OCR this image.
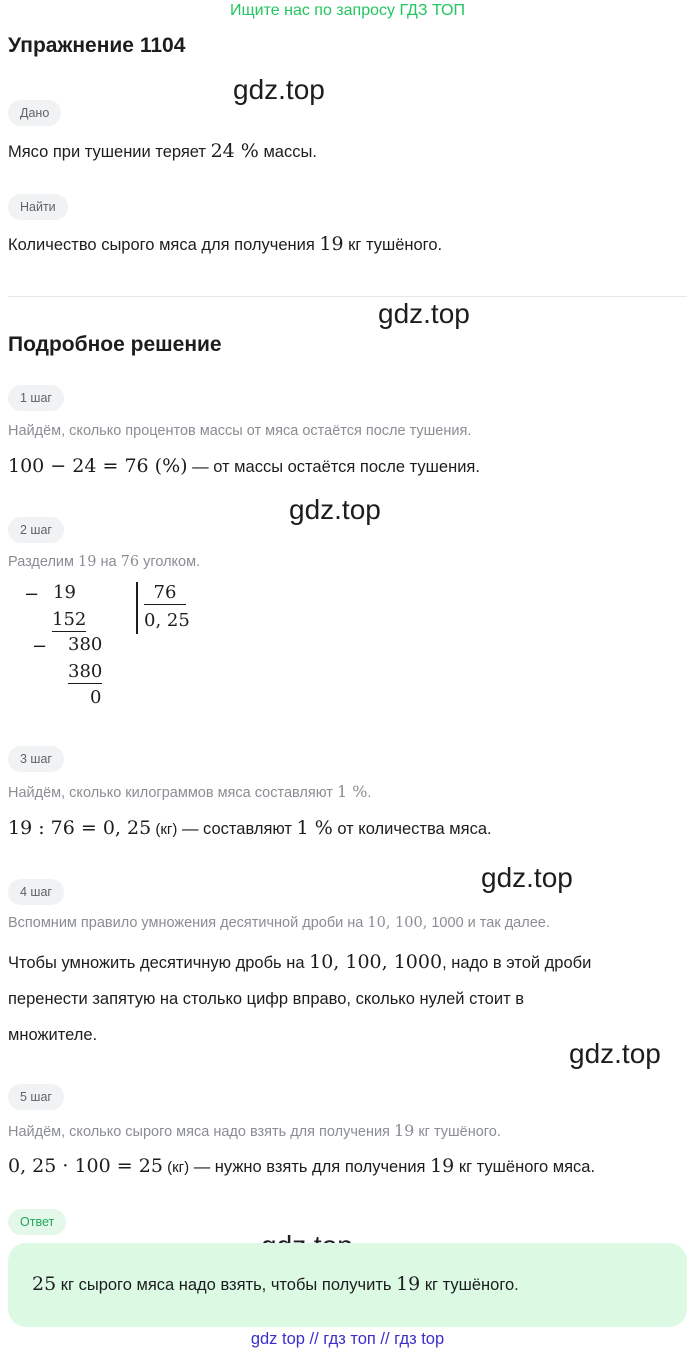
Ищите нас по запросу ГДЗ ТОП
Упражнение 1104
gdz.top
gdz.top
gdz.top
gdz.top
gdz.top
Дано
Мясо при тушении теряет 24 % массы.
Найти
Количество сырого мяса для получения 19 кг тушёного.
Подробное решение
1 шаг
Найдём, сколько процентов массы от мяса остаётся после тушения.
100 − 24 = 76 (%) — от массы остаётся после тушения.
2 шаг
Разделим 19 на 76 уголком.
− 19
152
− 380
380
0
76
0, 25
3 шаг
Найдём, сколько килограммов мяса составляют 1 %.
19 : 76 = 0, 25 (кг) — составляют 1 % от количества мяса.
4 шаг
Вспомним правило умножения десятичной дроби на 10, 100, 1000 и так далее.
Чтобы умножить десятичную дробь на 10, 100, 1000, надо в этой дроби
перенести запятую на столько цифр вправо, сколько нулей стоит в
множителе.
5 шаг
Найдём, сколько сырого мяса надо взять для получения 19 кг тушёного.
0, 25 · 100 = 25 (кг) — нужно взять для получения 19 кг тушёного мяса.
Ответ
25 кг сырого мяса надо взять, чтобы получить 19 кг тушёного.
gdz top // гдз топ // гдз top
